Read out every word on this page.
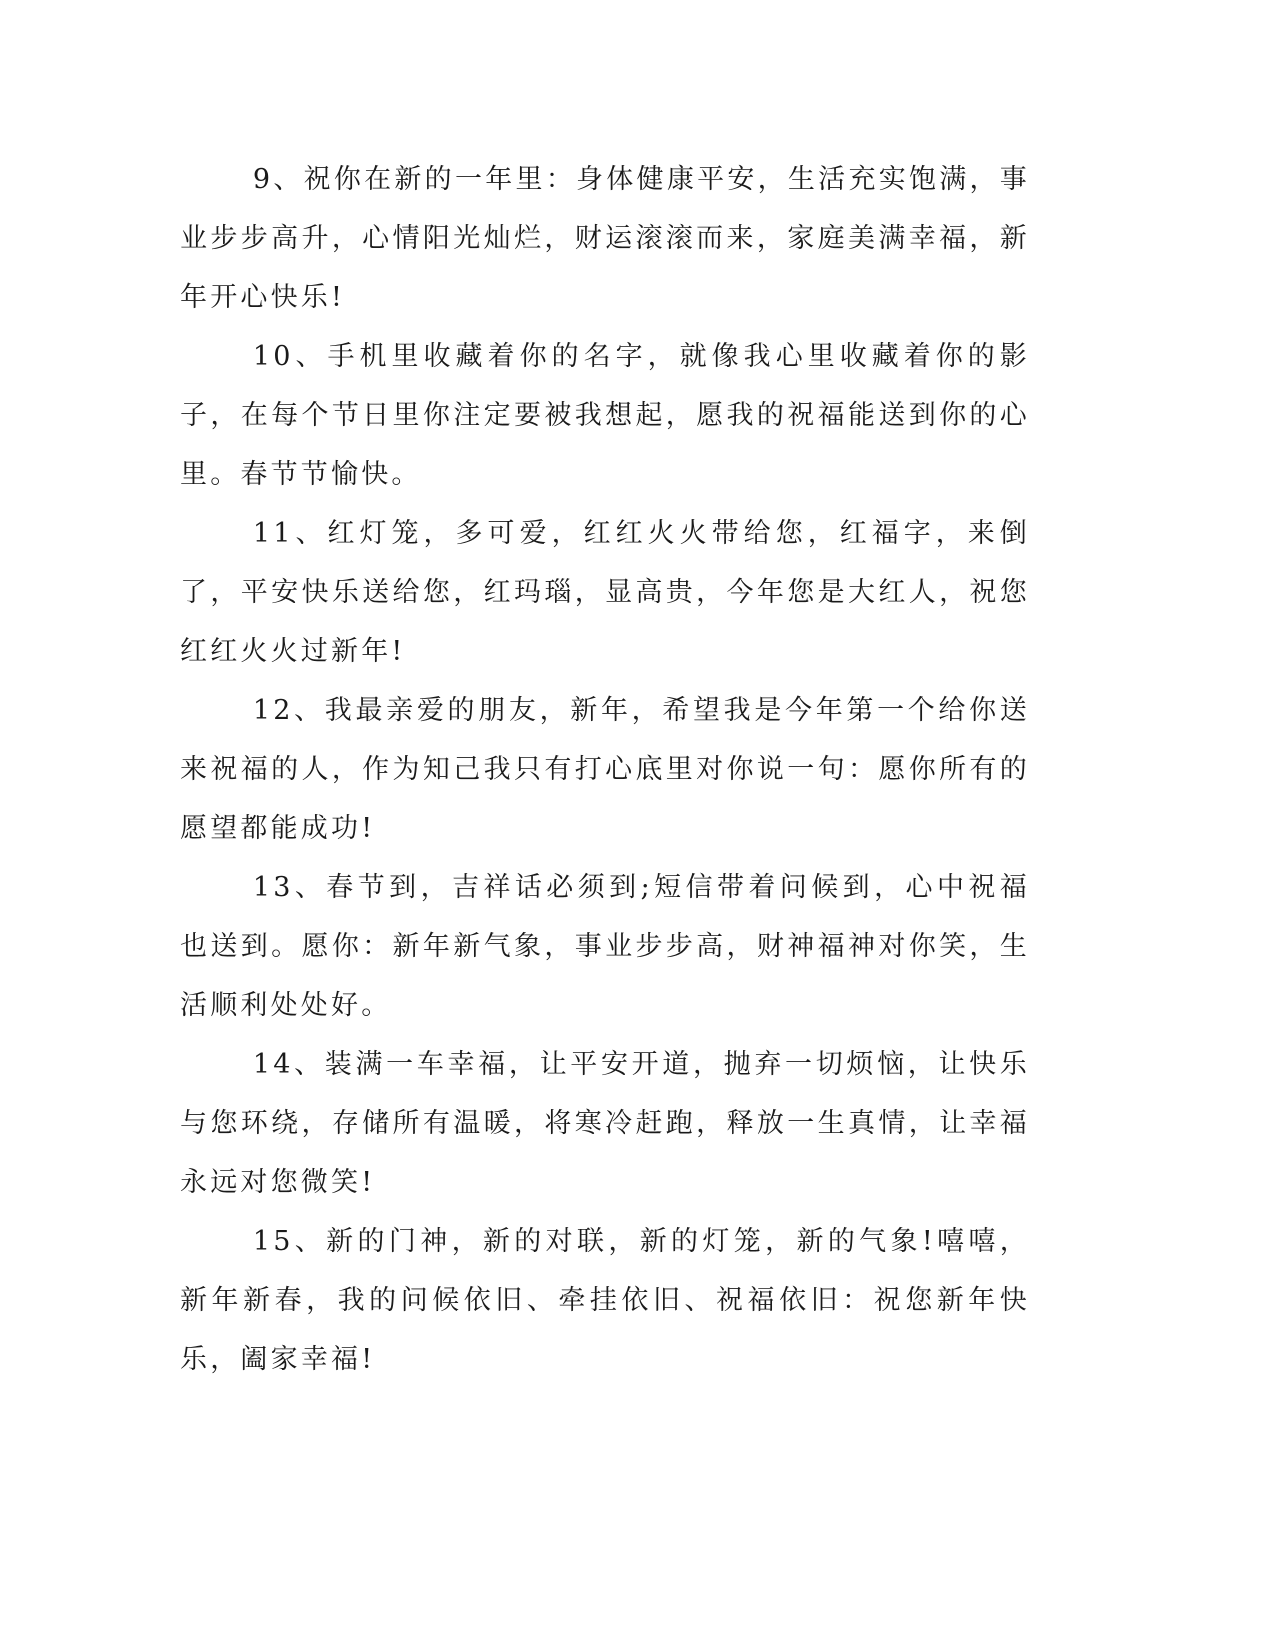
9、祝你在新的一年里：身体健康平安，生活充实饱满，事业步步高升，心情阳光灿烂，财运滚滚而来，家庭美满幸福，新年开心快乐!

10、手机里收藏着你的名字，就像我心里收藏着你的影子，在每个节日里你注定要被我想起，愿我的祝福能送到你的心里。春节节愉快。

11、红灯笼，多可爱，红红火火带给您，红福字，来倒了，平安快乐送给您，红玛瑙，显高贵，今年您是大红人，祝您红红火火过新年!

12、我最亲爱的朋友，新年，希望我是今年第一个给你送来祝福的人，作为知己我只有打心底里对你说一句：愿你所有的愿望都能成功!

13、春节到，吉祥话必须到;短信带着问候到，心中祝福也送到。愿你：新年新气象，事业步步高，财神福神对你笑，生活顺利处处好。

14、装满一车幸福，让平安开道，抛弃一切烦恼，让快乐与您环绕，存储所有温暖，将寒冷赶跑，释放一生真情，让幸福永远对您微笑!

15、新的门神，新的对联，新的灯笼，新的气象!嘻嘻，新年新春，我的问候依旧、牵挂依旧、祝福依旧：祝您新年快乐，阖家幸福!
